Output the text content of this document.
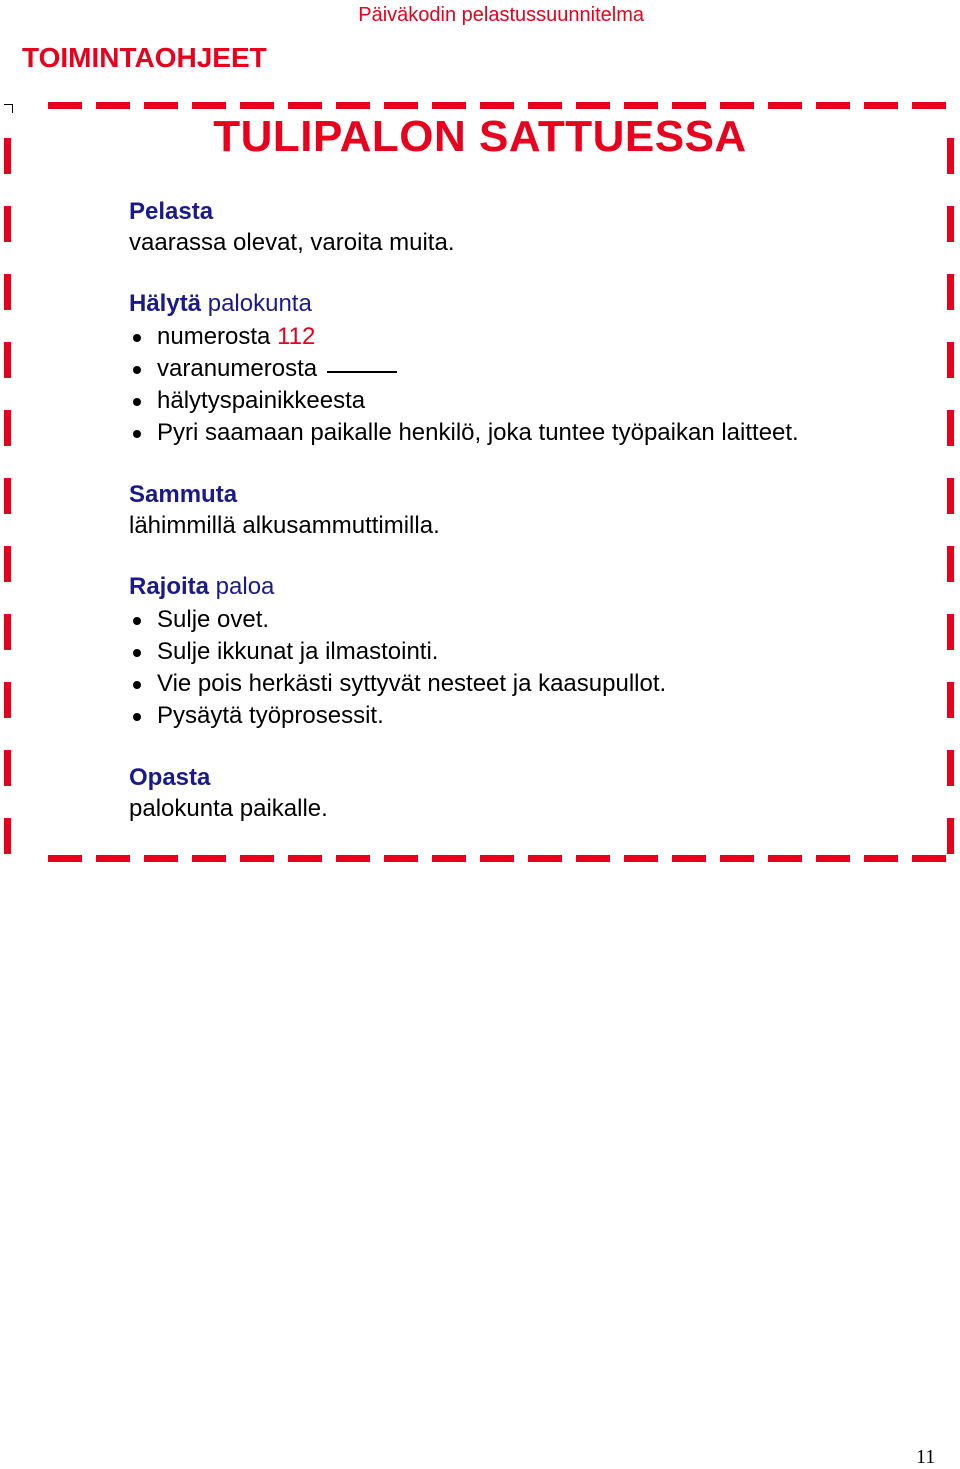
Päiväkodin pelastussuunnitelma
TOIMINTAOHJEET
TULIPALON SATTUESSA
Pelasta
vaarassa olevat, varoita muita.
Hälytä palokunta
numerosta 112
varanumerosta
hälytyspainikkeesta
Pyri saamaan paikalle henkilö, joka tuntee työpaikan laitteet.
Sammuta
lähimmillä alkusammuttimilla.
Rajoita paloa
Sulje ovet.
Sulje ikkunat ja ilmastointi.
Vie pois herkästi syttyvät nesteet ja kaasupullot.
Pysäytä työprosessit.
Opasta
palokunta paikalle.
11
